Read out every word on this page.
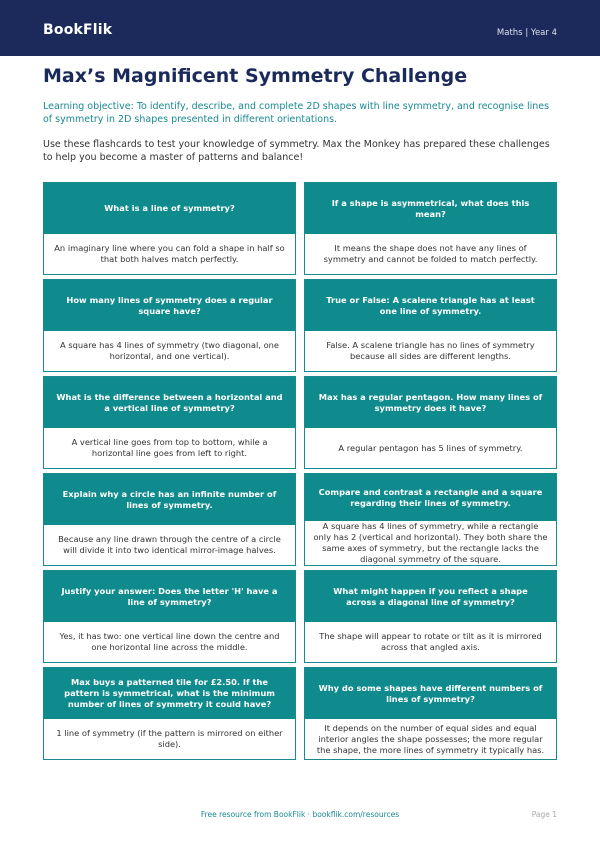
BookFlik	Maths | Year 4
Max’s Magnificent Symmetry Challenge
Learning objective: To identify, describe, and complete 2D shapes with line symmetry, and recognise lines of symmetry in 2D shapes presented in different orientations.
Use these flashcards to test your knowledge of symmetry. Max the Monkey has prepared these challenges to help you become a master of patterns and balance!
What is a line of symmetry?
An imaginary line where you can fold a shape in half so that both halves match perfectly.
If a shape is asymmetrical, what does this mean?
It means the shape does not have any lines of symmetry and cannot be folded to match perfectly.
How many lines of symmetry does a regular square have?
A square has 4 lines of symmetry (two diagonal, one horizontal, and one vertical).
True or False: A scalene triangle has at least one line of symmetry.
False. A scalene triangle has no lines of symmetry because all sides are different lengths.
What is the difference between a horizontal and a vertical line of symmetry?
A vertical line goes from top to bottom, while a horizontal line goes from left to right.
Max has a regular pentagon. How many lines of symmetry does it have?
A regular pentagon has 5 lines of symmetry.
Explain why a circle has an infinite number of lines of symmetry.
Because any line drawn through the centre of a circle will divide it into two identical mirror-image halves.
Compare and contrast a rectangle and a square regarding their lines of symmetry.
A square has 4 lines of symmetry, while a rectangle only has 2 (vertical and horizontal). They both share the same axes of symmetry, but the rectangle lacks the diagonal symmetry of the square.
Justify your answer: Does the letter 'H' have a line of symmetry?
Yes, it has two: one vertical line down the centre and one horizontal line across the middle.
What might happen if you reflect a shape across a diagonal line of symmetry?
The shape will appear to rotate or tilt as it is mirrored across that angled axis.
Max buys a patterned tile for £2.50. If the pattern is symmetrical, what is the minimum number of lines of symmetry it could have?
1 line of symmetry (if the pattern is mirrored on either side).
Why do some shapes have different numbers of lines of symmetry?
It depends on the number of equal sides and equal interior angles the shape possesses; the more regular the shape, the more lines of symmetry it typically has.
Free resource from BookFlik · bookflik.com/resources	Page 1
